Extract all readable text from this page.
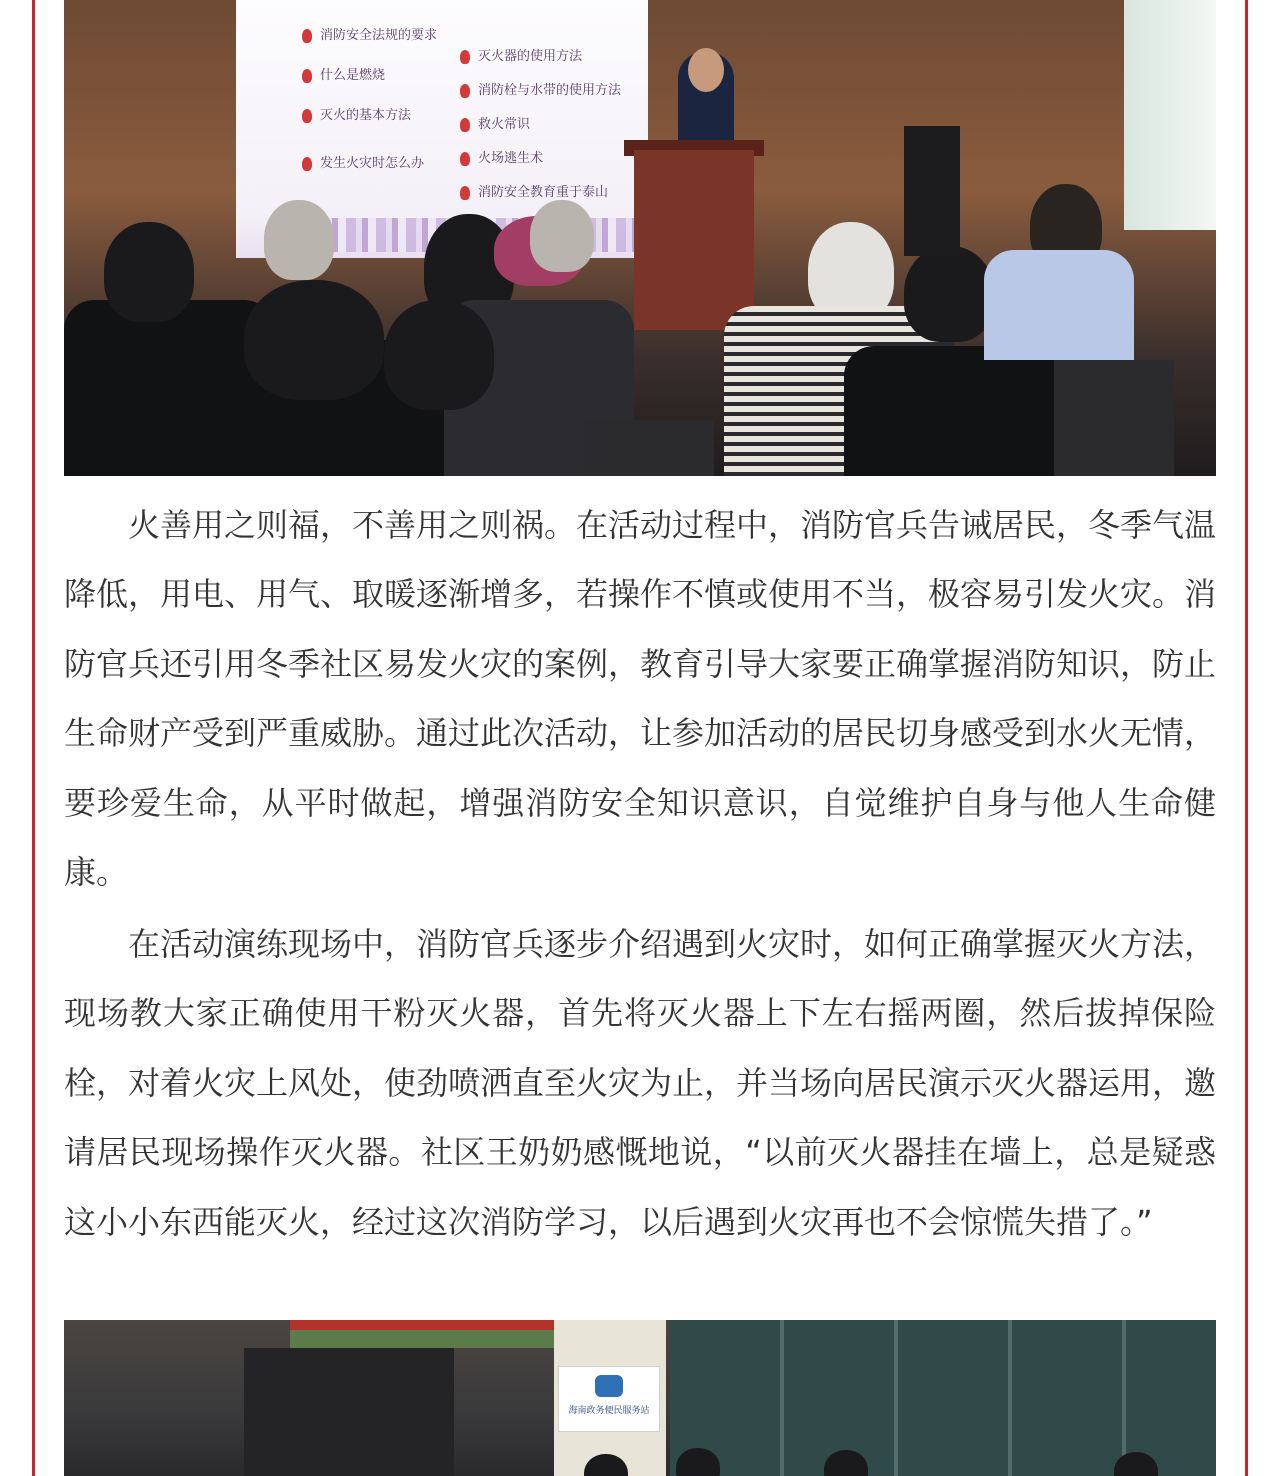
消防安全法规的要求
什么是燃烧
灭火的基本方法
发生火灾时怎么办
灭火器的使用方法
消防栓与水带的使用方法
救火常识
火场逃生术
消防安全教育重于泰山

火善用之则福，不善用之则祸。在活动过程中，消防官兵告诫居民，冬季气温降低，用电、用气、取暖逐渐增多，若操作不慎或使用不当，极容易引发火灾。消防官兵还引用冬季社区易发火灾的案例，教育引导大家要正确掌握消防知识，防止生命财产受到严重威胁。通过此次活动，让参加活动的居民切身感受到水火无情，要珍爱生命，从平时做起，增强消防安全知识意识，自觉维护自身与他人生命健康。

在活动演练现场中，消防官兵逐步介绍遇到火灾时，如何正确掌握灭火方法，现场教大家正确使用干粉灭火器，首先将灭火器上下左右摇两圈，然后拔掉保险栓，对着火灾上风处，使劲喷洒直至火灾为止，并当场向居民演示灭火器运用，邀请居民现场操作灭火器。社区王奶奶感慨地说，“以前灭火器挂在墙上，总是疑惑这小小东西能灭火，经过这次消防学习，以后遇到火灾再也不会惊慌失措了。”

海南政务便民服务站
